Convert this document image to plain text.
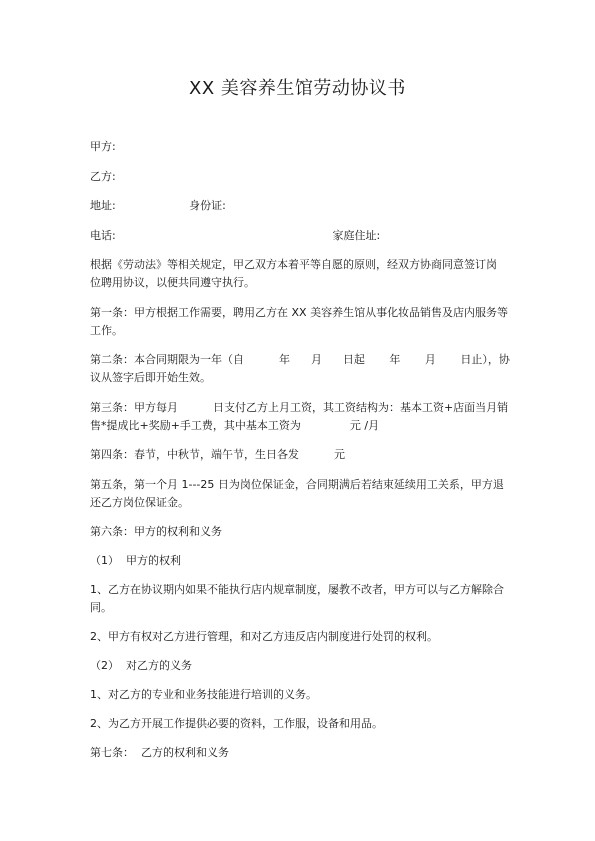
XX 美容养生馆劳动协议书
甲方:
乙方:
地址:                     身份证:
电话:                                                              家庭住址:
根据《劳动法》等相关规定，甲乙双方本着平等自愿的原则，经双方协商同意签订岗
位聘用协议，以便共同遵守执行。
第一条：甲方根据工作需要，聘用乙方在 XX 美容养生馆从事化妆品销售及店内服务等
工作。
第二条：本合同期限为一年（自          年      月      日起       年       月       日止），协
议从签字后即开始生效。
第三条：甲方每月          日支付乙方上月工资，其工资结构为：基本工资+店面当月销
售*提成比+奖励+手工费，其中基本工资为              元 /月
第四条：春节，中秋节，端午节，生日各发          元
第五条，第一个月 1---25 日为岗位保证金，合同期满后若结束延续用工关系，甲方退
还乙方岗位保证金。
第六条：甲方的权利和义务
（1）  甲方的权利
1、乙方在协议期内如果不能执行店内规章制度，屡教不改者，甲方可以与乙方解除合
同。
2、甲方有权对乙方进行管理，和对乙方违反店内制度进行处罚的权利。
（2）  对乙方的义务
1、对乙方的专业和业务技能进行培训的义务。
2、为乙方开展工作提供必要的资料，工作服，设备和用品。
第七条：  乙方的权利和义务
